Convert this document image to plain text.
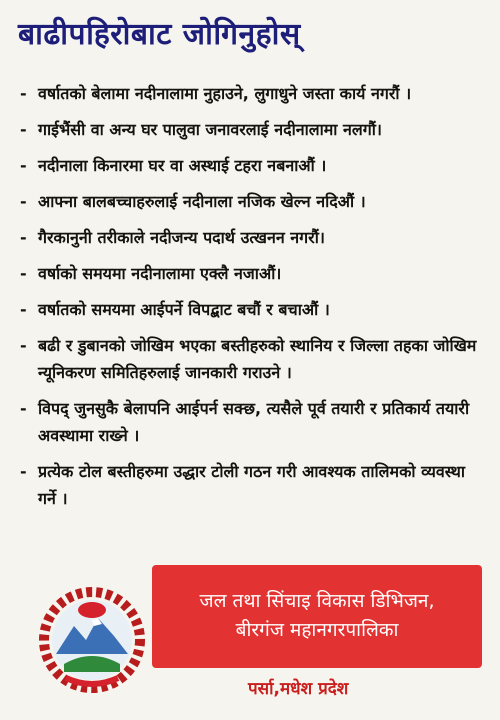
बाढीपहिरोबाट जोगिनुहोस्
- वर्षातको बेलामा नदीनालामा नुहाउने, लुगाधुने जस्ता कार्य नगरौं ।
- गाईभैंसी वा अन्य घर पालुवा जनावरलाई नदीनालामा नलगौं।
- नदीनाला किनारमा घर वा अस्थाई टहरा नबनाऔं ।
- आफ्ना बालबच्चाहरुलाई नदीनाला नजिक खेल्न नदिऔं ।
- गैरकानुनी तरीकाले नदीजन्य पदार्थ उत्खनन नगरौं।
- वर्षाको समयमा नदीनालामा एक्लै नजाऔं।
- वर्षातको समयमा आईपर्ने विपद्बाट बचौं र बचाऔं ।
- बढी र डुबानको जोखिम भएका बस्तीहरुको स्थानिय र जिल्ला तहका जोखिम न्यूनिकरण समितिहरुलाई जानकारी गराउने ।
- विपद् जुनसुकै बेलापनि आईपर्न सक्छ, त्यसैले पूर्व तयारी र प्रतिकार्य तयारी अवस्थामा राख्ने ।
- प्रत्येक टोल बस्तीहरुमा उद्धार टोली गठन गरी आवश्यक तालिमको व्यवस्था गर्ने ।
जल तथा सिंचाइ विकास डिभिजन,
बीरगंज महानगरपालिका
पर्सा,मधेश प्रदेश
